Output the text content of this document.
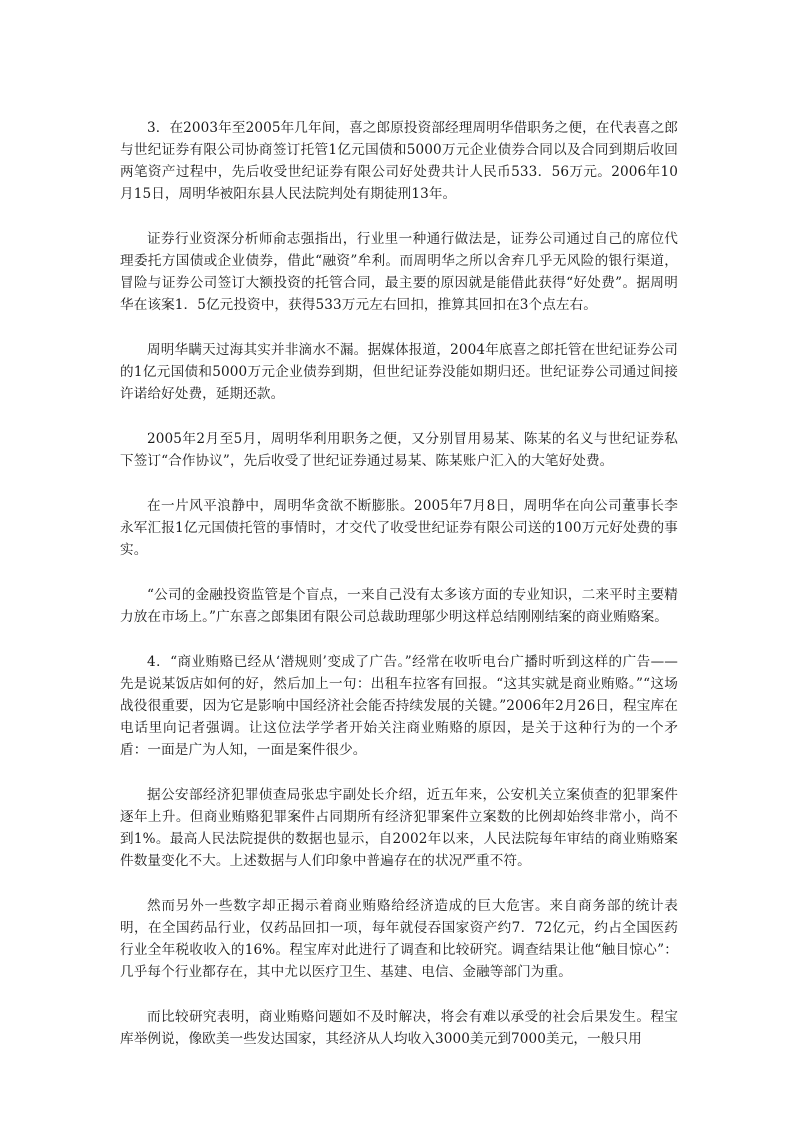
3．在2003年至2005年几年间，喜之郎原投资部经理周明华借职务之便，在代表喜之郎与世纪证券有限公司协商签订托管1亿元国债和5000万元企业债券合同以及合同到期后收回两笔资产过程中，先后收受世纪证券有限公司好处费共计人民币533．56万元。2006年10月15日，周明华被阳东县人民法院判处有期徒刑13年。

证券行业资深分析师俞志强指出，行业里一种通行做法是，证券公司通过自己的席位代理委托方国债或企业债券，借此“融资”牟利。而周明华之所以舍弃几乎无风险的银行渠道，冒险与证券公司签订大额投资的托管合同，最主要的原因就是能借此获得“好处费”。据周明华在该案1．5亿元投资中，获得533万元左右回扣，推算其回扣在3个点左右。

周明华瞒天过海其实并非滴水不漏。据媒体报道，2004年底喜之郎托管在世纪证券公司的1亿元国债和5000万元企业债券到期，但世纪证券没能如期归还。世纪证券公司通过间接许诺给好处费，延期还款。

2005年2月至5月，周明华利用职务之便，又分别冒用易某、陈某的名义与世纪证券私下签订“合作协议”，先后收受了世纪证券通过易某、陈某账户汇入的大笔好处费。

在一片风平浪静中，周明华贪欲不断膨胀。2005年7月8日，周明华在向公司董事长李永军汇报1亿元国债托管的事情时，才交代了收受世纪证券有限公司送的100万元好处费的事实。

“公司的金融投资监管是个盲点，一来自己没有太多该方面的专业知识，二来平时主要精力放在市场上。”广东喜之郎集团有限公司总裁助理邬少明这样总结刚刚结案的商业贿赂案。

4．“商业贿赂已经从‘潜规则’变成了广告。”经常在收听电台广播时听到这样的广告——先是说某饭店如何的好，然后加上一句：出租车拉客有回报。“这其实就是商业贿赂。”“这场战役很重要，因为它是影响中国经济社会能否持续发展的关键。”2006年2月26日，程宝库在电话里向记者强调。让这位法学学者开始关注商业贿赂的原因，是关于这种行为的一个矛盾：一面是广为人知，一面是案件很少。

据公安部经济犯罪侦查局张忠宇副处长介绍，近五年来，公安机关立案侦查的犯罪案件逐年上升。但商业贿赂犯罪案件占同期所有经济犯罪案件立案数的比例却始终非常小，尚不到1%。最高人民法院提供的数据也显示，自2002年以来，人民法院每年审结的商业贿赂案件数量变化不大。上述数据与人们印象中普遍存在的状况严重不符。

然而另外一些数字却正揭示着商业贿赂给经济造成的巨大危害。来自商务部的统计表明，在全国药品行业，仅药品回扣一项，每年就侵吞国家资产约7．72亿元，约占全国医药行业全年税收收入的16%。程宝库对此进行了调查和比较研究。调查结果让他“触目惊心”：几乎每个行业都存在，其中尤以医疗卫生、基建、电信、金融等部门为重。

而比较研究表明，商业贿赂问题如不及时解决，将会有难以承受的社会后果发生。程宝库举例说，像欧美一些发达国家，其经济从人均收入3000美元到7000美元，一般只用
